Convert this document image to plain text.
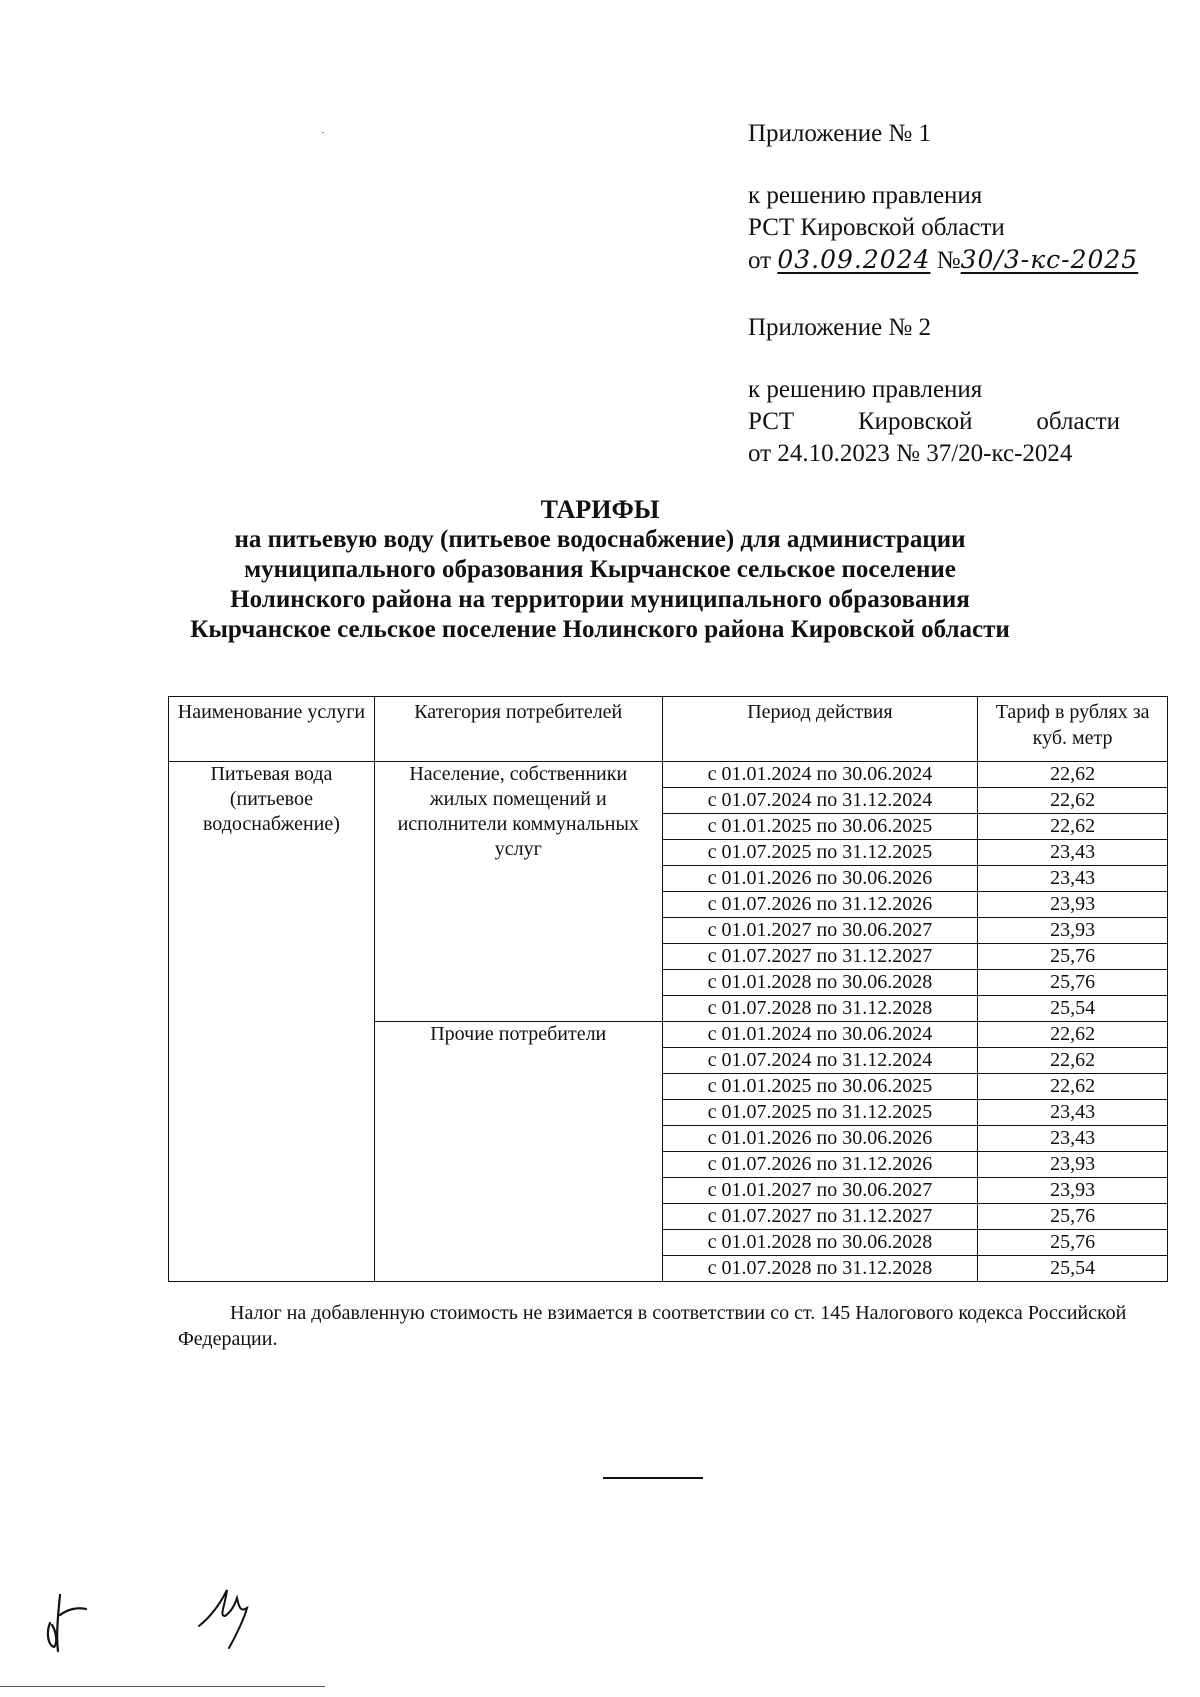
Приложение № 1
к решению правления
РСТ Кировской области
от 03.09.2024 №30/3-кс-2025
Приложение № 2
к решению правления
РСТ	Кировской	области
от 24.10.2023 № 37/20-кс-2024
ТАРИФЫ
на питьевую воду (питьевое водоснабжение) для администрации
муниципального образования Кырчанское сельское поселение
Нолинского района на территории муниципального образования
Кырчанское сельское поселение Нолинского района Кировской области
Наименование услуги	Категория потребителей	Период действия	Тариф в рублях за куб. метр
Питьевая вода (питьевое водоснабжение)	Население, собственники жилых помещений и исполнители коммунальных услуг	с 01.01.2024 по 30.06.2024	22,62
		с 01.07.2024 по 31.12.2024	22,62
		с 01.01.2025 по 30.06.2025	22,62
		с 01.07.2025 по 31.12.2025	23,43
		с 01.01.2026 по 30.06.2026	23,43
		с 01.07.2026 по 31.12.2026	23,93
		с 01.01.2027 по 30.06.2027	23,93
		с 01.07.2027 по 31.12.2027	25,76
		с 01.01.2028 по 30.06.2028	25,76
		с 01.07.2028 по 31.12.2028	25,54
	Прочие потребители	с 01.01.2024 по 30.06.2024	22,62
		с 01.07.2024 по 31.12.2024	22,62
		с 01.01.2025 по 30.06.2025	22,62
		с 01.07.2025 по 31.12.2025	23,43
		с 01.01.2026 по 30.06.2026	23,43
		с 01.07.2026 по 31.12.2026	23,93
		с 01.01.2027 по 30.06.2027	23,93
		с 01.07.2027 по 31.12.2027	25,76
		с 01.01.2028 по 30.06.2028	25,76
		с 01.07.2028 по 31.12.2028	25,54
Налог на добавленную стоимость не взимается в соответствии со ст. 145 Налогового кодекса Российской Федерации.
